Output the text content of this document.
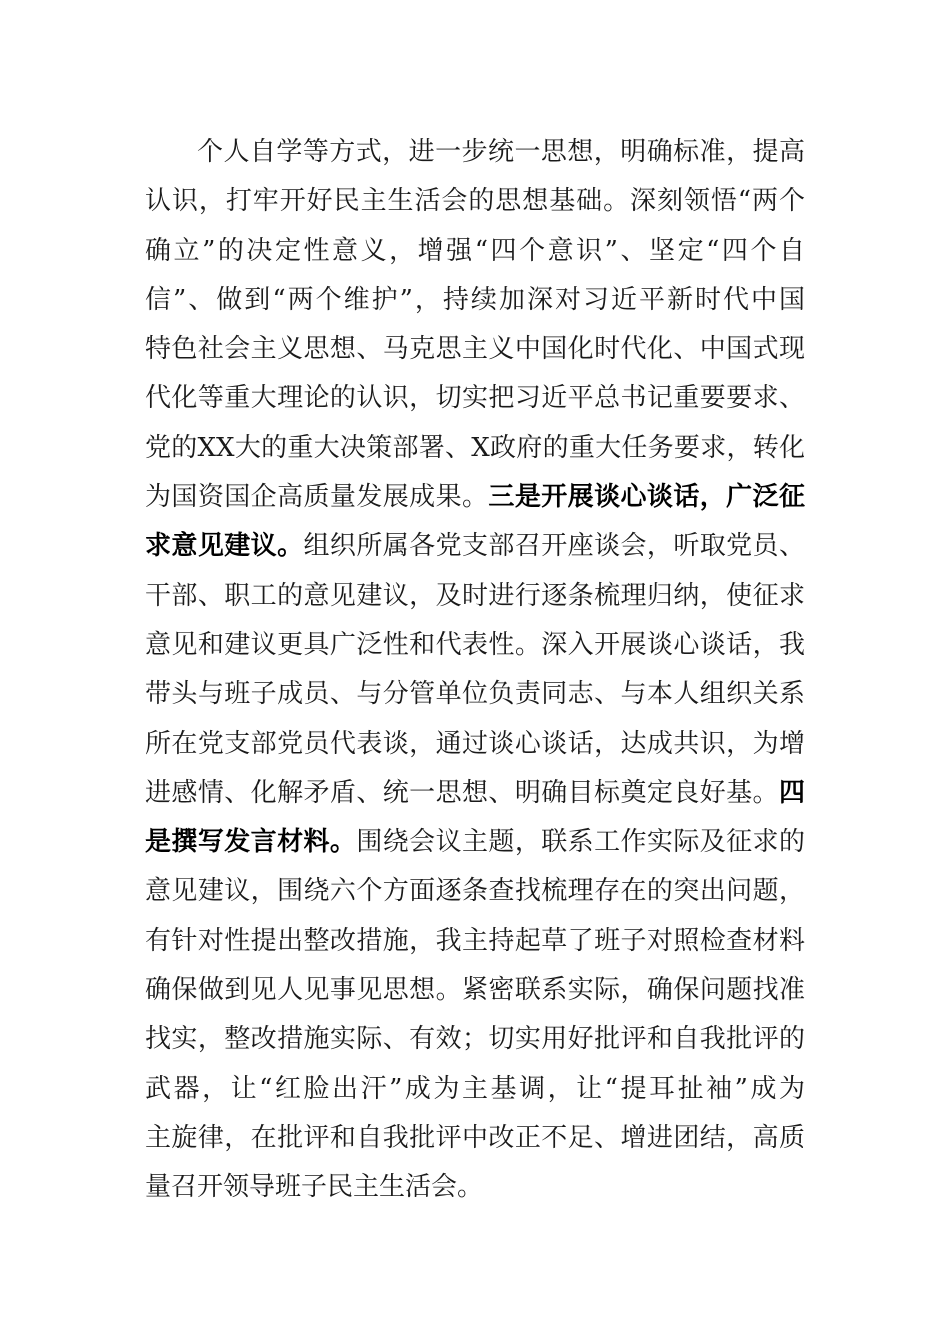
个人自学等方式，进一步统一思想，明确标准，提高
认识，打牢开好民主生活会的思想基础。深刻领悟“两个
确立”的决定性意义，增强“四个意识”、坚定“四个自
信”、做到“两个维护”，持续加深对习近平新时代中国
特色社会主义思想、马克思主义中国化时代化、中国式现
代化等重大理论的认识，切实把习近平总书记重要要求、
党的XX大的重大决策部署、X政府的重大任务要求，转化
为国资国企高质量发展成果。三是开展谈心谈话，广泛征
求意见建议。组织所属各党支部召开座谈会，听取党员、
干部、职工的意见建议，及时进行逐条梳理归纳，使征求
意见和建议更具广泛性和代表性。深入开展谈心谈话，我
带头与班子成员、与分管单位负责同志、与本人组织关系
所在党支部党员代表谈，通过谈心谈话，达成共识，为增
进感情、化解矛盾、统一思想、明确目标奠定良好基。四
是撰写发言材料。围绕会议主题，联系工作实际及征求的
意见建议，围绕六个方面逐条查找梳理存在的突出问题，
有针对性提出整改措施，我主持起草了班子对照检查材料
确保做到见人见事见思想。紧密联系实际，确保问题找准
找实，整改措施实际、有效；切实用好批评和自我批评的
武器，让“红脸出汗”成为主基调，让“提耳扯袖”成为
主旋律，在批评和自我批评中改正不足、增进团结，高质
量召开领导班子民主生活会。
